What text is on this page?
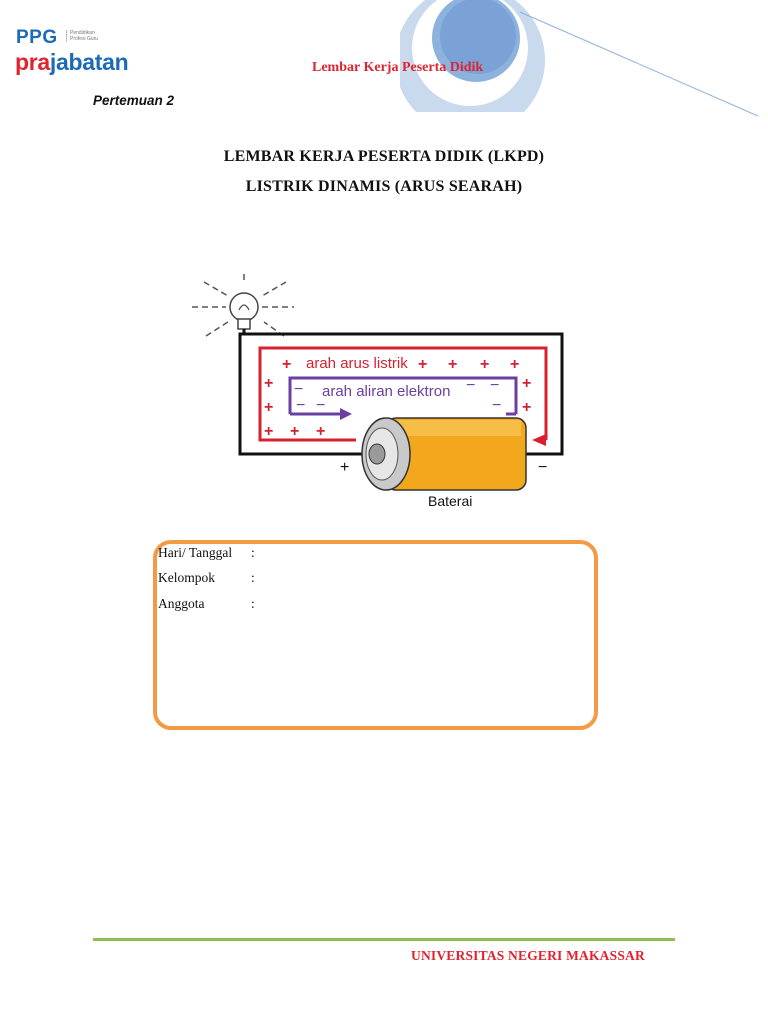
PPG	Pendidikan Profesi Guru
prajabatan	Lembar Kerja Peserta Didik
Pertemuan 2
LEMBAR KERJA PESERTA DIDIK (LKPD)
LISTRIK DINAMIS (ARUS SEARAH)
arah arus listrik
arah aliran elektron
+	+ + + +
+	+
+	+
+ + +
−	− −
− −	−
+	−
Baterai
Hari/ Tanggal :
Kelompok	:
Anggota	:
UNIVERSITAS NEGERI MAKASSAR
